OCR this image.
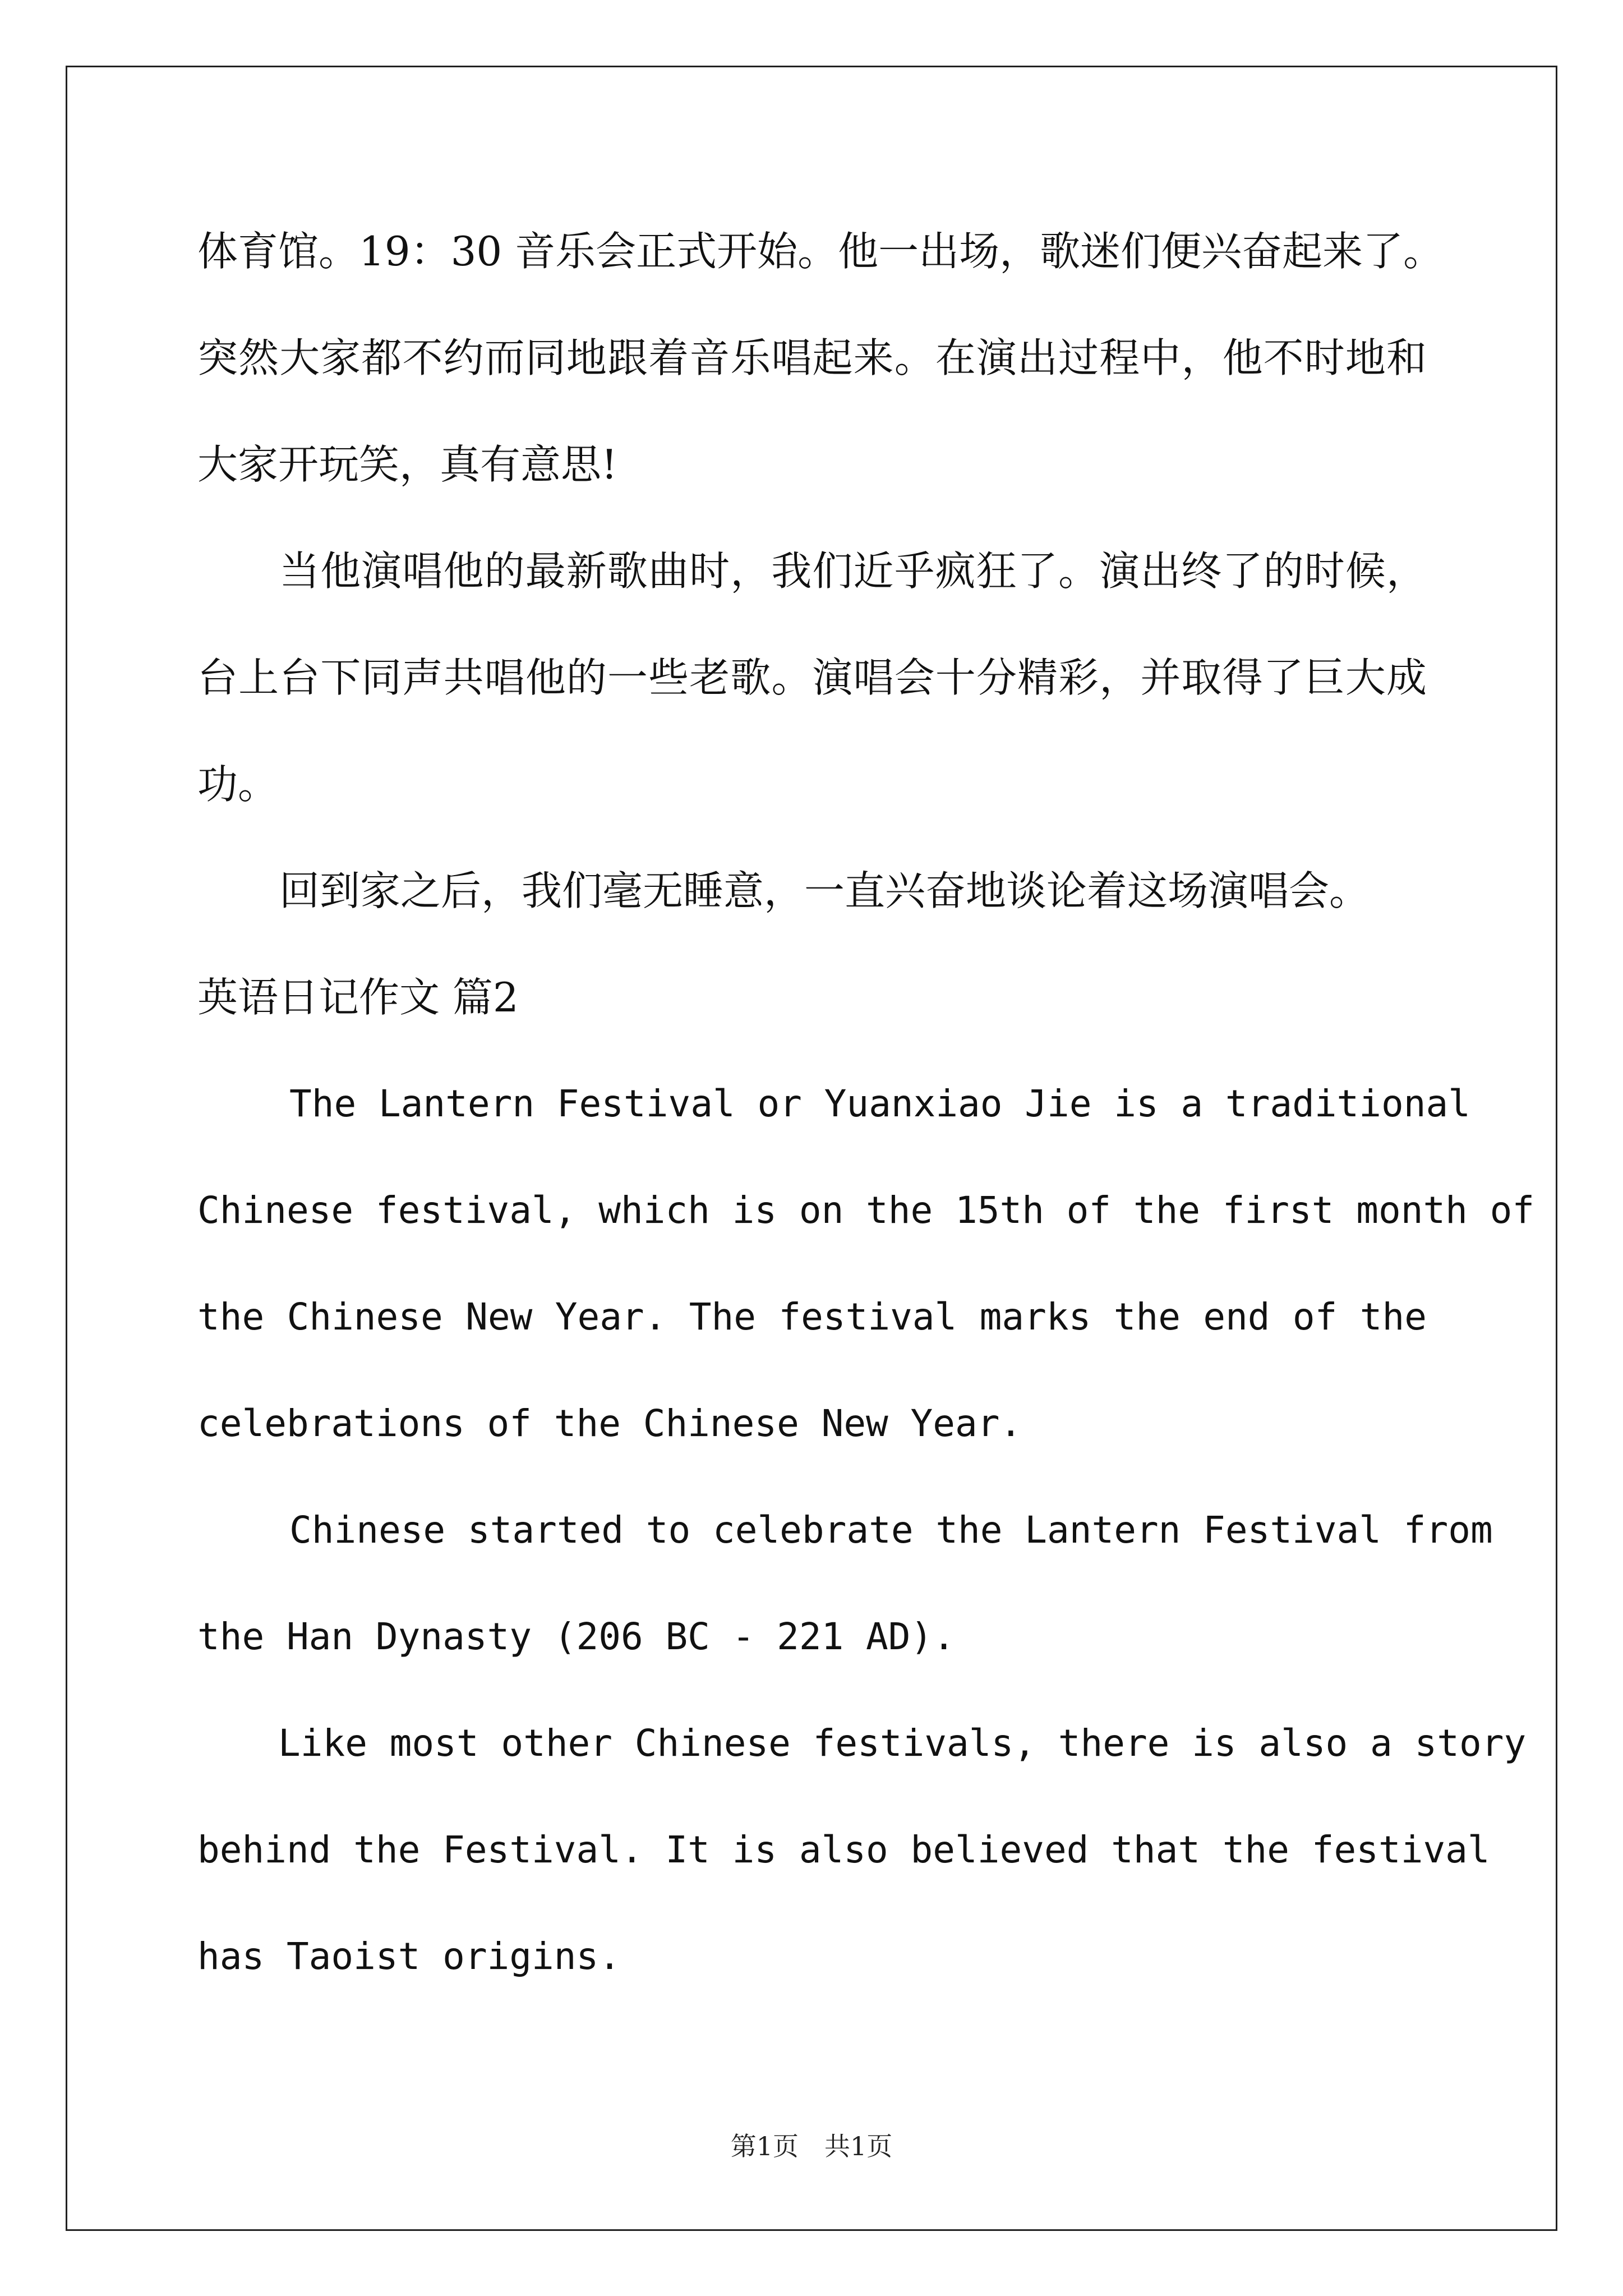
体育馆。19：30 音乐会正式开始。他一出场，歌迷们便兴奋起来了。
突然大家都不约而同地跟着音乐唱起来。在演出过程中，他不时地和
大家开玩笑，真有意思!
当他演唱他的最新歌曲时，我们近乎疯狂了。演出终了的时候，
台上台下同声共唱他的一些老歌。演唱会十分精彩，并取得了巨大成
功。
回到家之后，我们毫无睡意，一直兴奋地谈论着这场演唱会。
英语日记作文 篇2
The Lantern Festival or Yuanxiao Jie is a traditional
Chinese festival, which is on the 15th of the first month of
the Chinese New Year. The festival marks the end of the
celebrations of the Chinese New Year.
Chinese started to celebrate the Lantern Festival from
the Han Dynasty (206 BC - 221 AD).
Like most other Chinese festivals, there is also a story
behind the Festival. It is also believed that the festival
has Taoist origins.
第1页　共1页
